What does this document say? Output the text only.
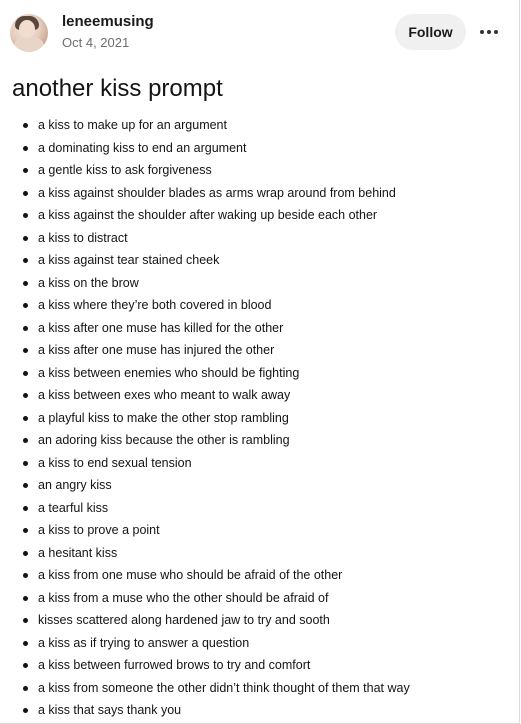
leneemusing
Oct 4, 2021
Follow
another kiss prompt
a kiss to make up for an argument
a dominating kiss to end an argument
a gentle kiss to ask forgiveness
a kiss against shoulder blades as arms wrap around from behind
a kiss against the shoulder after waking up beside each other
a kiss to distract
a kiss against tear stained cheek
a kiss on the brow
a kiss where they’re both covered in blood
a kiss after one muse has killed for the other
a kiss after one muse has injured the other
a kiss between enemies who should be fighting
a kiss between exes who meant to walk away
a playful kiss to make the other stop rambling
an adoring kiss because the other is rambling
a kiss to end sexual tension
an angry kiss
a tearful kiss
a kiss to prove a point
a hesitant kiss
a kiss from one muse who should be afraid of the other
a kiss from a muse who the other should be afraid of
kisses scattered along hardened jaw to try and sooth
a kiss as if trying to answer a question
a kiss between furrowed brows to try and comfort
a kiss from someone the other didn’t think thought of them that way
a kiss that says thank you
